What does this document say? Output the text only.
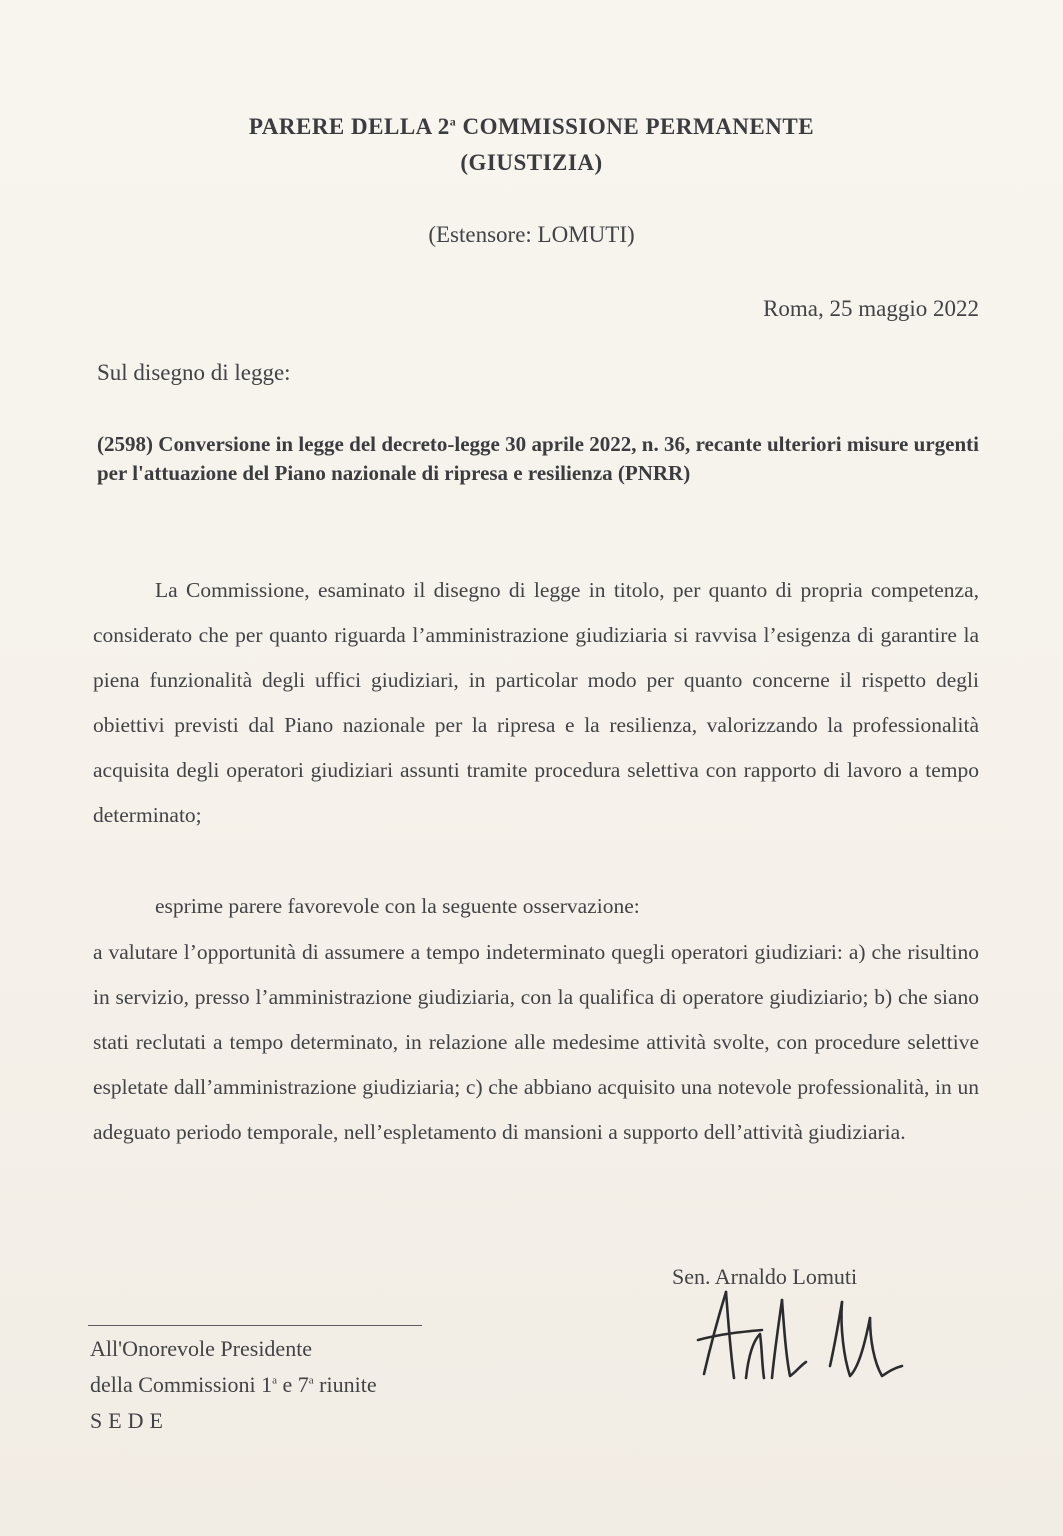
PARERE DELLA 2$^a$ COMMISSIONE PERMANENTE
(GIUSTIZIA)
(Estensore: LOMUTI)
Roma, 25 maggio 2022
Sul disegno di legge:
(2598) Conversione in legge del decreto-legge 30 aprile 2022, n. 36, recante ulteriori misure urgenti per l'attuazione del Piano nazionale di ripresa e resilienza (PNRR)
La Commissione, esaminato il disegno di legge in titolo, per quanto di propria competenza, considerato che per quanto riguarda l’amministrazione giudiziaria si ravvisa l’esigenza di garantire la piena funzionalità degli uffici giudiziari, in particolar modo per quanto concerne il rispetto degli obiettivi previsti dal Piano nazionale per la ripresa e la resilienza, valorizzando la professionalità acquisita degli operatori giudiziari assunti tramite procedura selettiva con rapporto di lavoro a tempo determinato;
esprime parere favorevole con la seguente osservazione:
a valutare l’opportunità di assumere a tempo indeterminato quegli operatori giudiziari: a) che risultino in servizio, presso l’amministrazione giudiziaria, con la qualifica di operatore giudiziario; b) che siano stati reclutati a tempo determinato, in relazione alle medesime attività svolte, con procedure selettive espletate dall’amministrazione giudiziaria; c) che abbiano acquisito una notevole professionalità, in un adeguato periodo temporale, nell’espletamento di mansioni a supporto dell’attività giudiziaria.
Sen. Arnaldo Lomuti
All'Onorevole Presidente
della Commissioni 1$^a$ e 7$^a$ riunite
SEDE
